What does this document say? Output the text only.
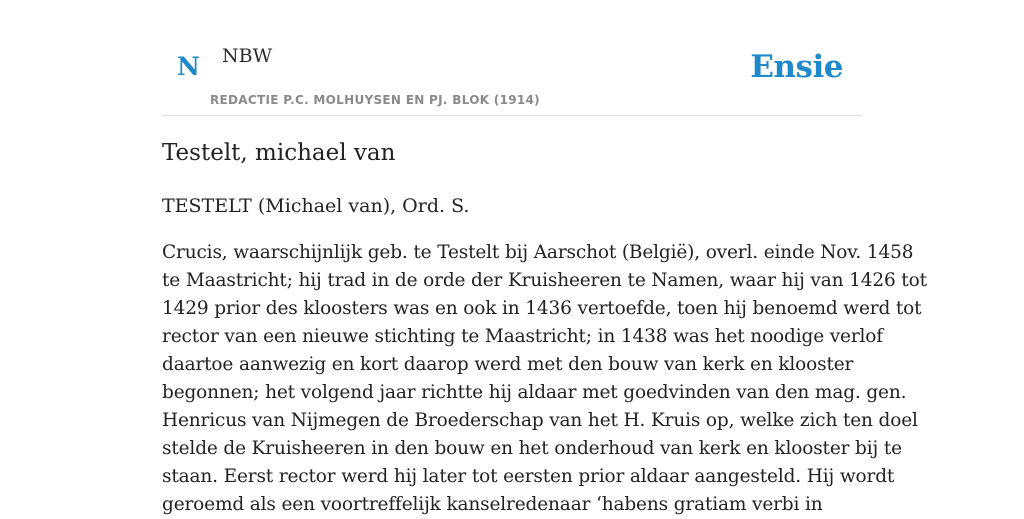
N NBW
REDACTIE P.C. MOLHUYSEN EN PJ. BLOK (1914)
Ensie
Testelt, michael van

TESTELT (Michael van), Ord. S.

Crucis, waarschijnlijk geb. te Testelt bij Aarschot (België), overl. einde Nov. 1458
te Maastricht; hij trad in de orde der Kruisheeren te Namen, waar hij van 1426 tot
1429 prior des kloosters was en ook in 1436 vertoefde, toen hij benoemd werd tot
rector van een nieuwe stichting te Maastricht; in 1438 was het noodige verlof
daartoe aanwezig en kort daarop werd met den bouw van kerk en klooster
begonnen; het volgend jaar richtte hij aldaar met goedvinden van den mag. gen.
Henricus van Nijmegen de Broederschap van het H. Kruis op, welke zich ten doel
stelde de Kruisheeren in den bouw en het onderhoud van kerk en klooster bij te
staan. Eerst rector werd hij later tot eersten prior aldaar aangesteld. Hij wordt
geroemd als een voortreffelijk kanselredenaar ‘habens gratiam verbi in
